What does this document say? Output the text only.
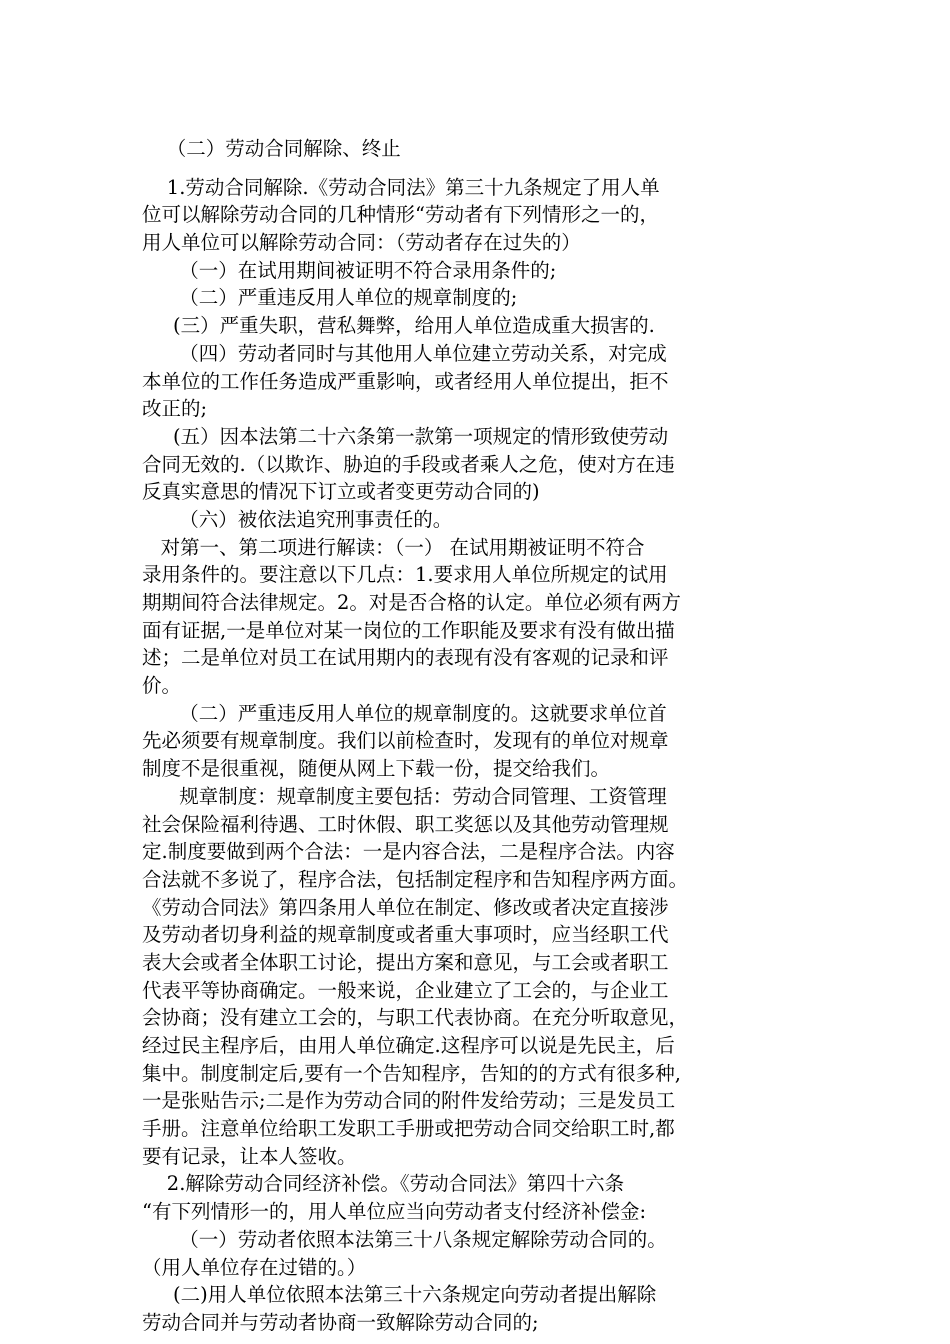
（二）劳动合同解除、终止
1.劳动合同解除.《劳动合同法》第三十九条规定了用人单
位可以解除劳动合同的几种情形“劳动者有下列情形之一的，
用人单位可以解除劳动合同：（劳动者存在过失的）
（一）在试用期间被证明不符合录用条件的;
（二）严重违反用人单位的规章制度的;
(三）严重失职，营私舞弊，给用人单位造成重大损害的.
（四）劳动者同时与其他用人单位建立劳动关系，对完成
本单位的工作任务造成严重影响，或者经用人单位提出，拒不
改正的;
(五）因本法第二十六条第一款第一项规定的情形致使劳动
合同无效的.（以欺诈、胁迫的手段或者乘人之危，使对方在违
反真实意思的情况下订立或者变更劳动合同的)
（六）被依法追究刑事责任的。
对第一、第二项进行解读：（一） 在试用期被证明不符合
录用条件的。要注意以下几点：1.要求用人单位所规定的试用
期期间符合法律规定。2。对是否合格的认定。单位必须有两方
面有证据,一是单位对某一岗位的工作职能及要求有没有做出描
述；二是单位对员工在试用期内的表现有没有客观的记录和评
价。
（二）严重违反用人单位的规章制度的。这就要求单位首
先必须要有规章制度。我们以前检查时，发现有的单位对规章
制度不是很重视，随便从网上下载一份，提交给我们。
规章制度：规章制度主要包括：劳动合同管理、工资管理
社会保险福利待遇、工时休假、职工奖惩以及其他劳动管理规
定.制度要做到两个合法：一是内容合法，二是程序合法。内容
合法就不多说了，程序合法，包括制定程序和告知程序两方面。
《劳动合同法》第四条用人单位在制定、修改或者决定直接涉
及劳动者切身利益的规章制度或者重大事项时，应当经职工代
表大会或者全体职工讨论，提出方案和意见，与工会或者职工
代表平等协商确定。一般来说，企业建立了工会的，与企业工
会协商；没有建立工会的，与职工代表协商。在充分听取意见，
经过民主程序后，由用人单位确定.这程序可以说是先民主，后
集中。制度制定后,要有一个告知程序，告知的的方式有很多种,
一是张贴告示;二是作为劳动合同的附件发给劳动；三是发员工
手册。注意单位给职工发职工手册或把劳动合同交给职工时,都
要有记录，让本人签收。
2.解除劳动合同经济补偿。《劳动合同法》第四十六条
“有下列情形一的，用人单位应当向劳动者支付经济补偿金:
（一）劳动者依照本法第三十八条规定解除劳动合同的。
（用人单位存在过错的。）
(二)用人单位依照本法第三十六条规定向劳动者提出解除
劳动合同并与劳动者协商一致解除劳动合同的;
